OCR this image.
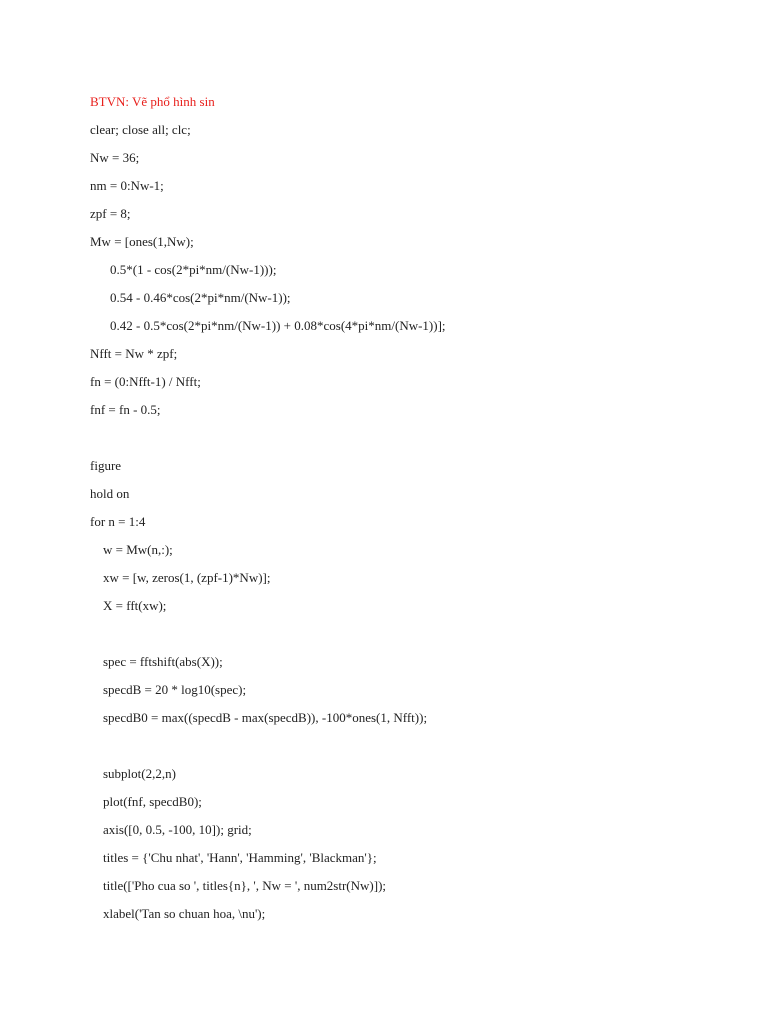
BTVN: Vẽ phổ hình sin
clear; close all; clc;
Nw = 36;
nm = 0:Nw-1;
zpf = 8;
Mw = [ones(1,Nw);
0.5*(1 - cos(2*pi*nm/(Nw-1)));
0.54 - 0.46*cos(2*pi*nm/(Nw-1));
0.42 - 0.5*cos(2*pi*nm/(Nw-1)) + 0.08*cos(4*pi*nm/(Nw-1))];
Nfft = Nw * zpf;
fn = (0:Nfft-1) / Nfft;
fnf = fn - 0.5;
figure
hold on
for n = 1:4
w = Mw(n,:);
xw = [w, zeros(1, (zpf-1)*Nw)];
X = fft(xw);
spec = fftshift(abs(X));
specdB = 20 * log10(spec);
specdB0 = max((specdB - max(specdB)), -100*ones(1, Nfft));
subplot(2,2,n)
plot(fnf, specdB0);
axis([0, 0.5, -100, 10]); grid;
titles = {'Chu nhat', 'Hann', 'Hamming', 'Blackman'};
title(['Pho cua so ', titles{n}, ', Nw = ', num2str(Nw)]);
xlabel('Tan so chuan hoa, \nu');
